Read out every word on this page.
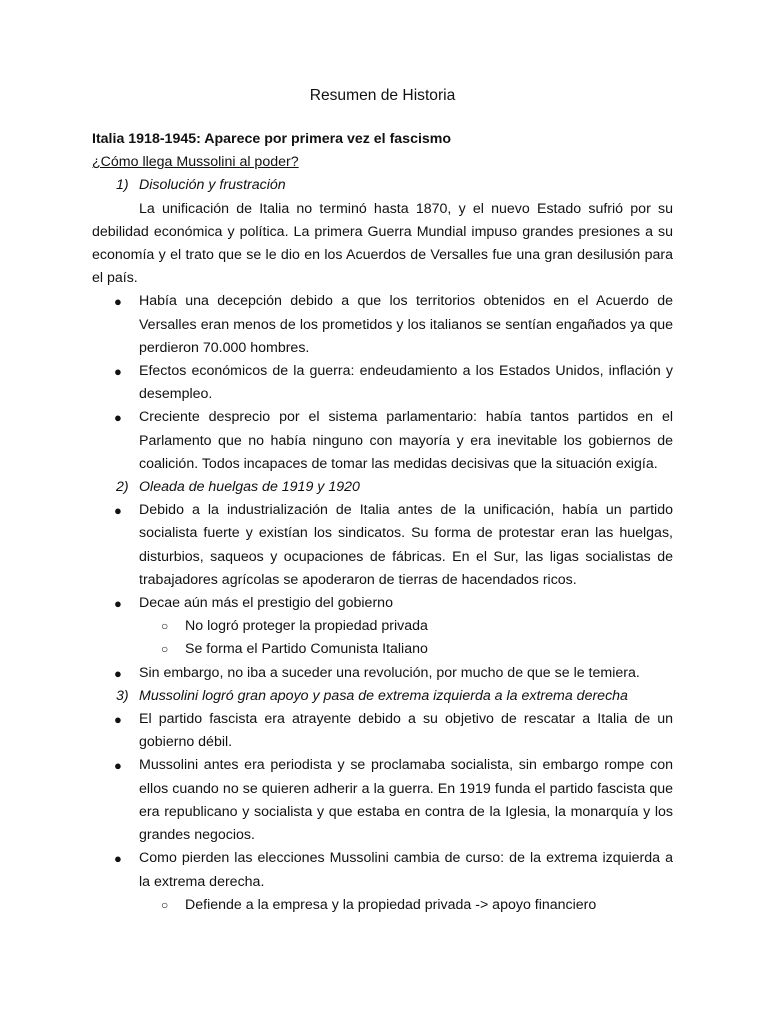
Resumen de Historia

Italia 1918-1945: Aparece por primera vez el fascismo

¿Cómo llega Mussolini al poder?

1) Disolución y frustración

La unificación de Italia no terminó hasta 1870, y el nuevo Estado sufrió por su debilidad económica y política. La primera Guerra Mundial impuso grandes presiones a su economía y el trato que se le dio en los Acuerdos de Versalles fue una gran desilusión para el país.

● Había una decepción debido a que los territorios obtenidos en el Acuerdo de Versalles eran menos de los prometidos y los italianos se sentían engañados ya que perdieron 70.000 hombres.
● Efectos económicos de la guerra: endeudamiento a los Estados Unidos, inflación y desempleo.
● Creciente desprecio por el sistema parlamentario: había tantos partidos en el Parlamento que no había ninguno con mayoría y era inevitable los gobiernos de coalición. Todos incapaces de tomar las medidas decisivas que la situación exigía.
2) Oleada de huelgas de 1919 y 1920
● Debido a la industrialización de Italia antes de la unificación, había un partido socialista fuerte y existían los sindicatos. Su forma de protestar eran las huelgas, disturbios, saqueos y ocupaciones de fábricas. En el Sur, las ligas socialistas de trabajadores agrícolas se apoderaron de tierras de hacendados ricos.
● Decae aún más el prestigio del gobierno
○ No logró proteger la propiedad privada
○ Se forma el Partido Comunista Italiano
● Sin embargo, no iba a suceder una revolución, por mucho de que se le temiera.
3) Mussolini logró gran apoyo y pasa de extrema izquierda a la extrema derecha
● El partido fascista era atrayente debido a su objetivo de rescatar a Italia de un gobierno débil.
● Mussolini antes era periodista y se proclamaba socialista, sin embargo rompe con ellos cuando no se quieren adherir a la guerra. En 1919 funda el partido fascista que era republicano y socialista y que estaba en contra de la Iglesia, la monarquía y los grandes negocios.
● Como pierden las elecciones Mussolini cambia de curso: de la extrema izquierda a la extrema derecha.
○ Defiende a la empresa y la propiedad privada -> apoyo financiero
